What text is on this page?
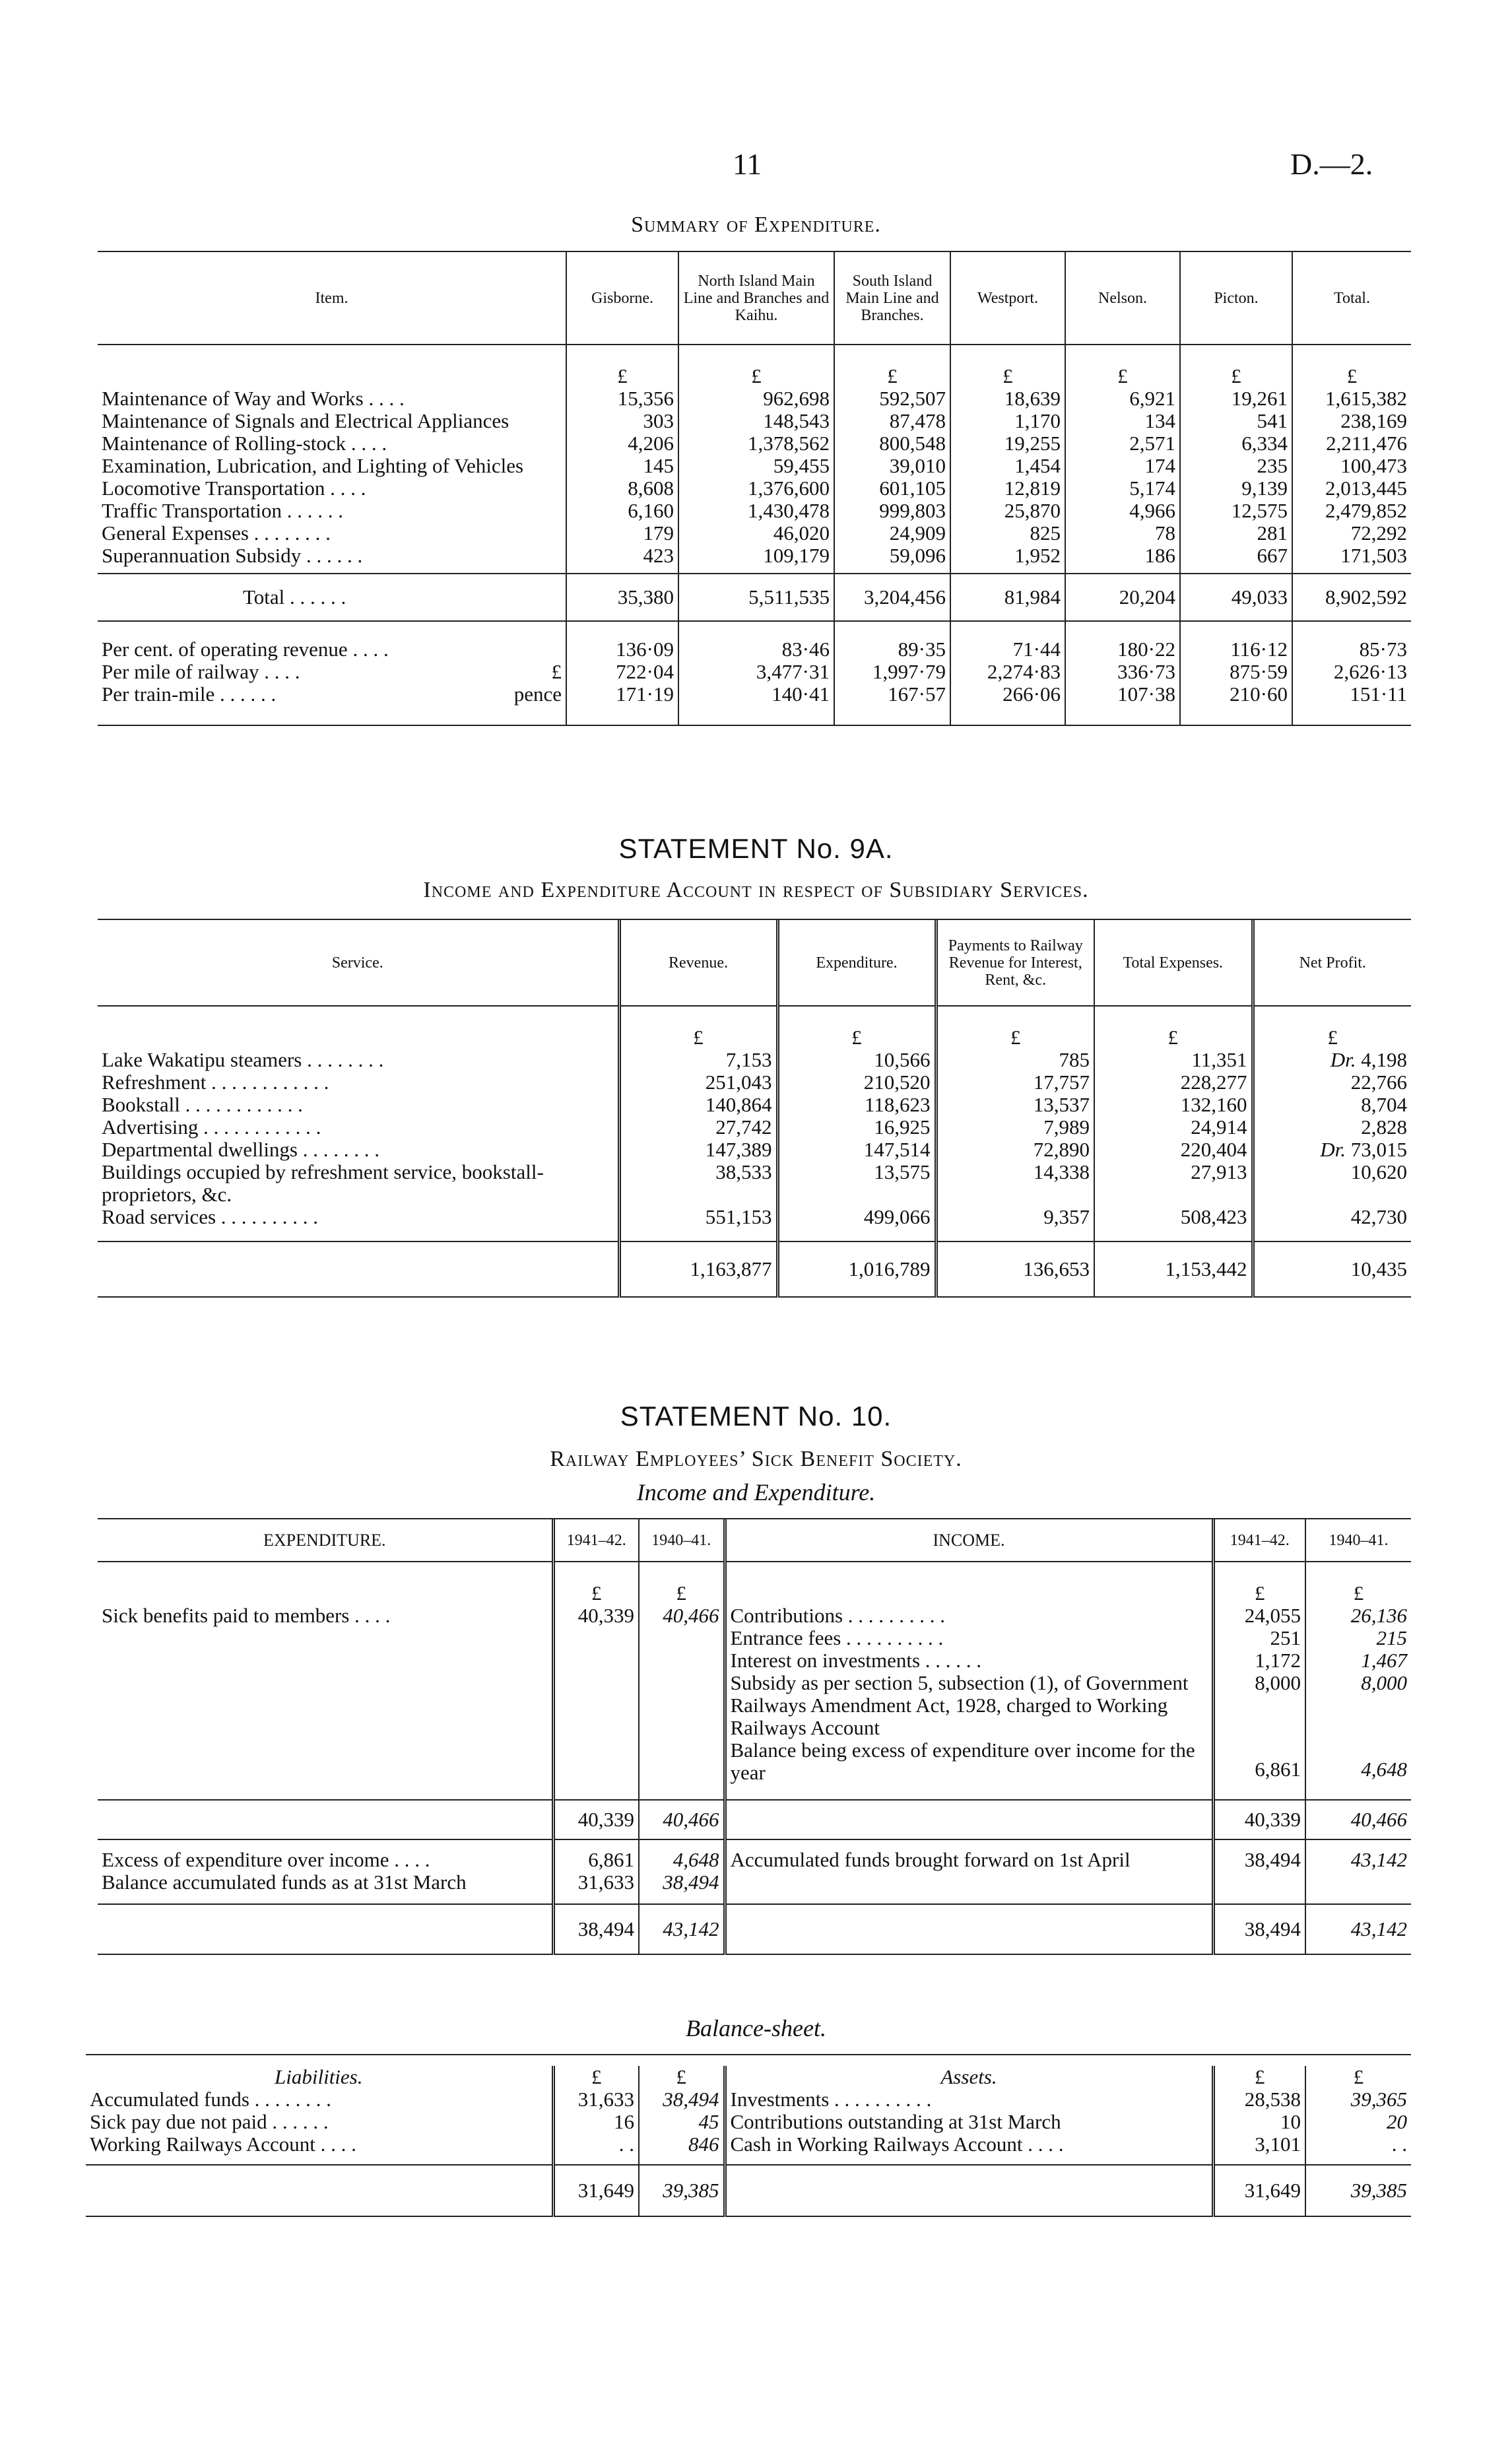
11	D.—2.
Summary of Expenditure.
Item.	Gisborne.	North Island Main Line and Branches and Kaihu.	South Island Main Line and Branches.	Westport.	Nelson.	Picton.	Total.

	£	£	£	£	£	£	£
Maintenance of Way and Works . . . .	15,356	962,698	592,507	18,639	6,921	19,261	1,615,382
Maintenance of Signals and Electrical Appliances	303	148,543	87,478	1,170	134	541	238,169
Maintenance of Rolling-stock . . . .	4,206	1,378,562	800,548	19,255	2,571	6,334	2,211,476
Examination, Lubrication, and Lighting of Vehicles	145	59,455	39,010	1,454	174	235	100,473
Locomotive Transportation . . . .	8,608	1,376,600	601,105	12,819	5,174	9,139	2,013,445
Traffic Transportation . . . . . .	6,160	1,430,478	999,803	25,870	4,966	12,575	2,479,852
General Expenses . . . . . . . .	179	46,020	24,909	825	78	281	72,292
Superannuation Subsidy . . . . . .	423	109,179	59,096	1,952	186	667	171,503
Total . . . . . .	35,380	5,511,535	3,204,456	81,984	20,204	49,033	8,902,592

Per cent. of operating revenue . . . .	136·09	83·46	89·35	71·44	180·22	116·12	85·73
Per mile of railway . . . . £	722·04	3,477·31	1,997·79	2,274·83	336·73	875·59	2,626·13
Per train-mile . . . . . . pence	171·19	140·41	167·57	266·06	107·38	210·60	151·11
STATEMENT No. 9A.
Income and Expenditure Account in respect of Subsidiary Services.
Service.	Revenue.	Expenditure.	Payments to Railway Revenue for Interest, Rent, &c.	Total Expenses.	Net Profit.

	£	£	£	£	£
Lake Wakatipu steamers . . . . . . . .	7,153	10,566	785	11,351	Dr. 4,198
Refreshment . . . . . . . . . . . .	251,043	210,520	17,757	228,277	22,766
Bookstall . . . . . . . . . . . .	140,864	118,623	13,537	132,160	8,704
Advertising . . . . . . . . . . . .	27,742	16,925	7,989	24,914	2,828
Departmental dwellings . . . . . . . .	147,389	147,514	72,890	220,404	Dr. 73,015
Buildings occupied by refreshment service, bookstall-proprietors, &c.	38,533	13,575	14,338	27,913	10,620
Road services . . . . . . . . . .	551,153	499,066	9,357	508,423	42,730
	1,163,877	1,016,789	136,653	1,153,442	10,435
STATEMENT No. 10.
Railway Employees’ Sick Benefit Society.
Income and Expenditure.
EXPENDITURE.	1941–42.	1940–41.	INCOME.	1941–42.	1940–41.

	£	£		£	£
Sick benefits paid to members . . . .	40,339	40,466	Contributions . . . . . . . . . .	24,055	26,136
			Entrance fees . . . . . . . . . .	251	215
			Interest on investments . . . . . .	1,172	1,467
			Subsidy as per section 5, subsection (1), of Government Railways Amendment Act, 1928, charged to Working Railways Account	8,000	8,000
			Balance being excess of expenditure over income for the year	6,861	4,648
	40,339	40,466		40,339	40,466

Excess of expenditure over income . . . .	6,861	4,648	Accumulated funds brought forward on 1st April	38,494	43,142
Balance accumulated funds as at 31st March	31,633	38,494			
	38,494	43,142		38,494	43,142
Balance-sheet.
Liabilities.	£	£	Assets.	£	£
Accumulated funds . . . . . . . .	31,633	38,494	Investments . . . . . . . . . .	28,538	39,365
Sick pay due not paid . . . . . .	16	45	Contributions outstanding at 31st March	10	20
Working Railways Account . . . .	. .	846	Cash in Working Railways Account . . . .	3,101	. .
	31,649	39,385		31,649	39,385
